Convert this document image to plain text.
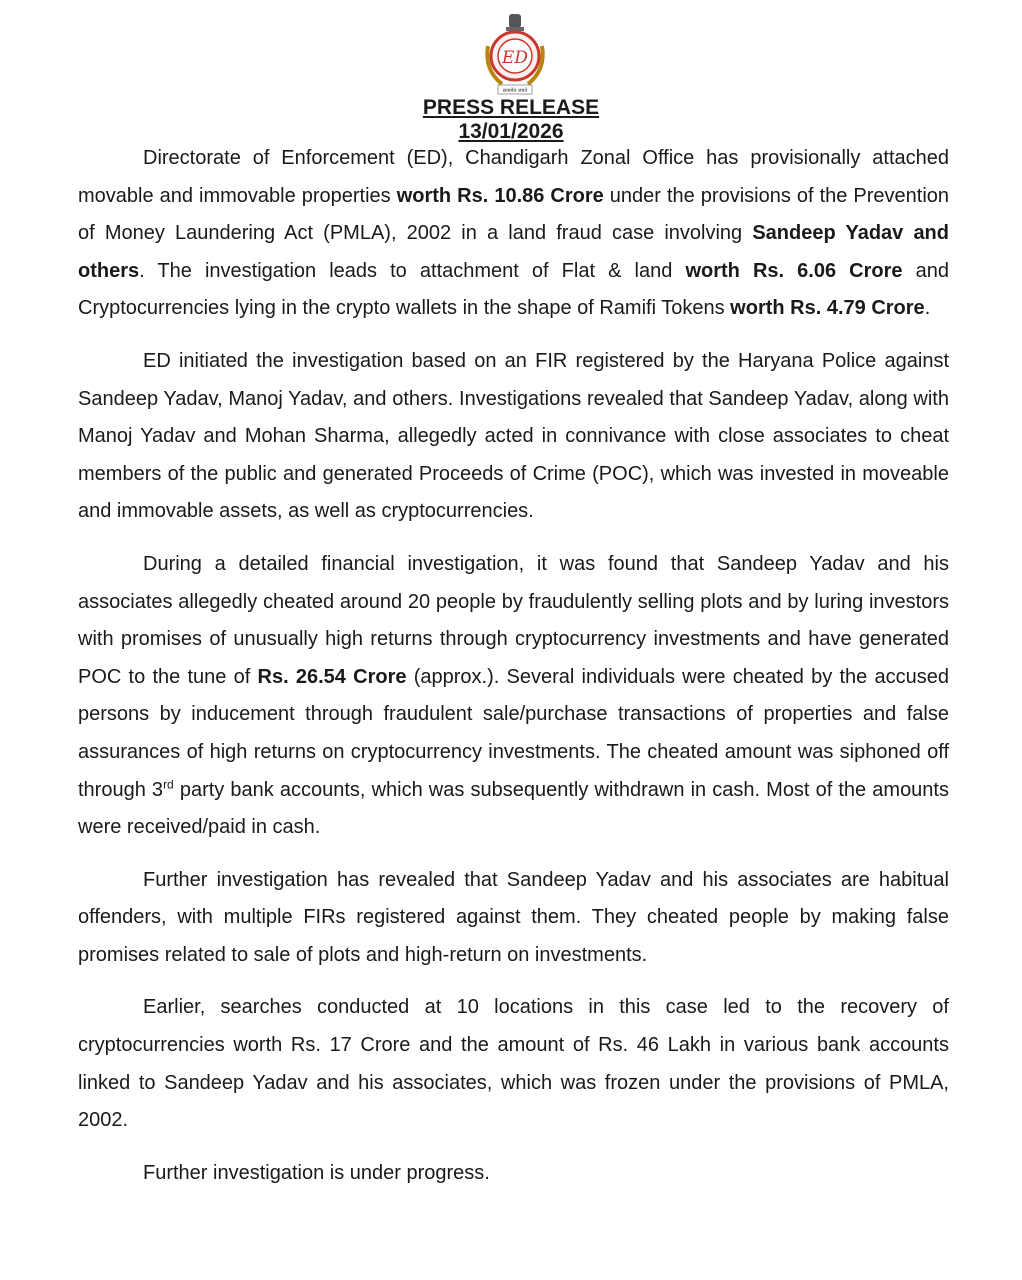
ED
सत्यमेव जयते
PRESS RELEASE
13/01/2026

Directorate of Enforcement (ED), Chandigarh Zonal Office has provisionally attached movable and immovable properties worth Rs. 10.86 Crore under the provisions of the Prevention of Money Laundering Act (PMLA), 2002 in a land fraud case involving Sandeep Yadav and others. The investigation leads to attachment of Flat & land worth Rs. 6.06 Crore and Cryptocurrencies lying in the crypto wallets in the shape of Ramifi Tokens worth Rs. 4.79 Crore.

ED initiated the investigation based on an FIR registered by the Haryana Police against Sandeep Yadav, Manoj Yadav, and others. Investigations revealed that Sandeep Yadav, along with Manoj Yadav and Mohan Sharma, allegedly acted in connivance with close associates to cheat members of the public and generated Proceeds of Crime (POC), which was invested in moveable and immovable assets, as well as cryptocurrencies.

During a detailed financial investigation, it was found that Sandeep Yadav and his associates allegedly cheated around 20 people by fraudulently selling plots and by luring investors with promises of unusually high returns through cryptocurrency investments and have generated POC to the tune of Rs. 26.54 Crore (approx.). Several individuals were cheated by the accused persons by inducement through fraudulent sale/purchase transactions of properties and false assurances of high returns on cryptocurrency investments. The cheated amount was siphoned off through 3rd party bank accounts, which was subsequently withdrawn in cash. Most of the amounts were received/paid in cash.

Further investigation has revealed that Sandeep Yadav and his associates are habitual offenders, with multiple FIRs registered against them. They cheated people by making false promises related to sale of plots and high-return on investments.

Earlier, searches conducted at 10 locations in this case led to the recovery of cryptocurrencies worth Rs. 17 Crore and the amount of Rs. 46 Lakh in various bank accounts linked to Sandeep Yadav and his associates, which was frozen under the provisions of PMLA, 2002.

Further investigation is under progress.
